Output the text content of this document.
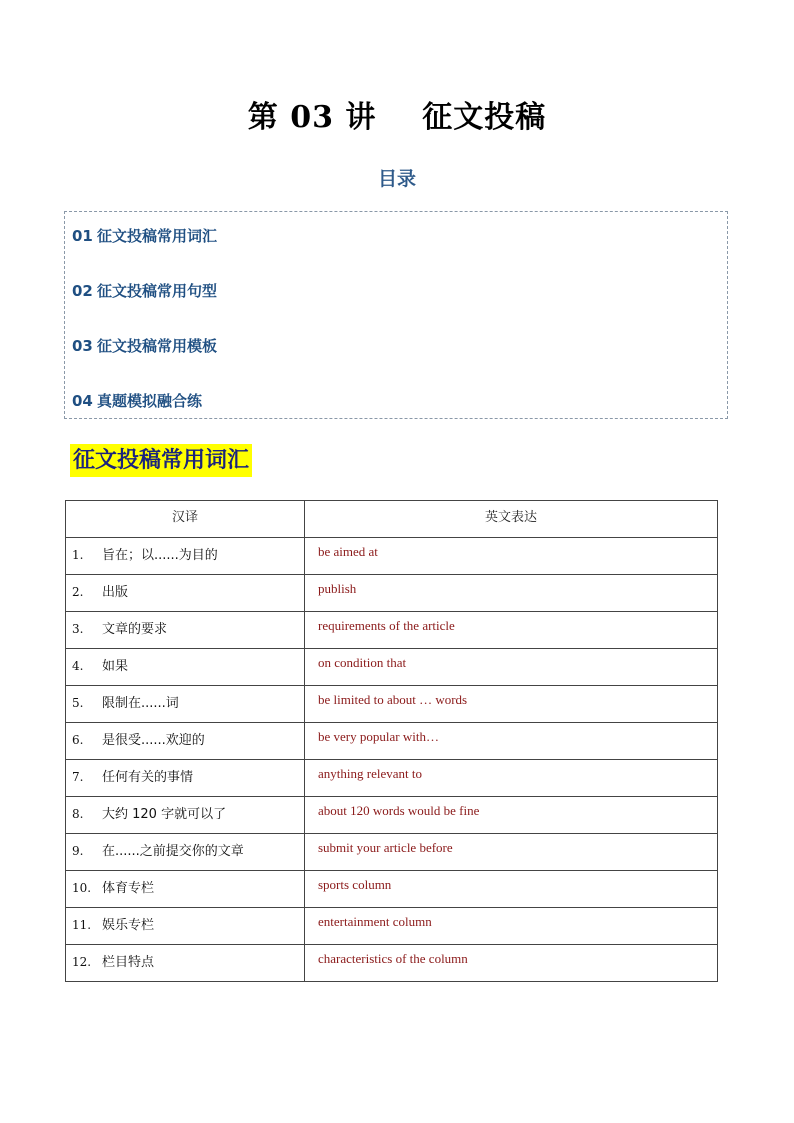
第 03 讲    征文投稿
目录
01 征文投稿常用词汇
02 征文投稿常用句型
03 征文投稿常用模板
04 真题模拟融合练
征文投稿常用词汇
汉译	英文表达
1. 旨在；以......为目的	be aimed at
2. 出版	publish
3. 文章的要求	requirements of the article
4. 如果	on condition that
5. 限制在......词	be limited to about … words
6. 是很受......欢迎的	be very popular with…
7. 任何有关的事情	anything relevant to
8. 大约 120 字就可以了	about 120 words would be fine
9. 在......之前提交你的文章	submit your article before
10. 体育专栏	sports column
11. 娱乐专栏	entertainment column
12. 栏目特点	characteristics of the column
